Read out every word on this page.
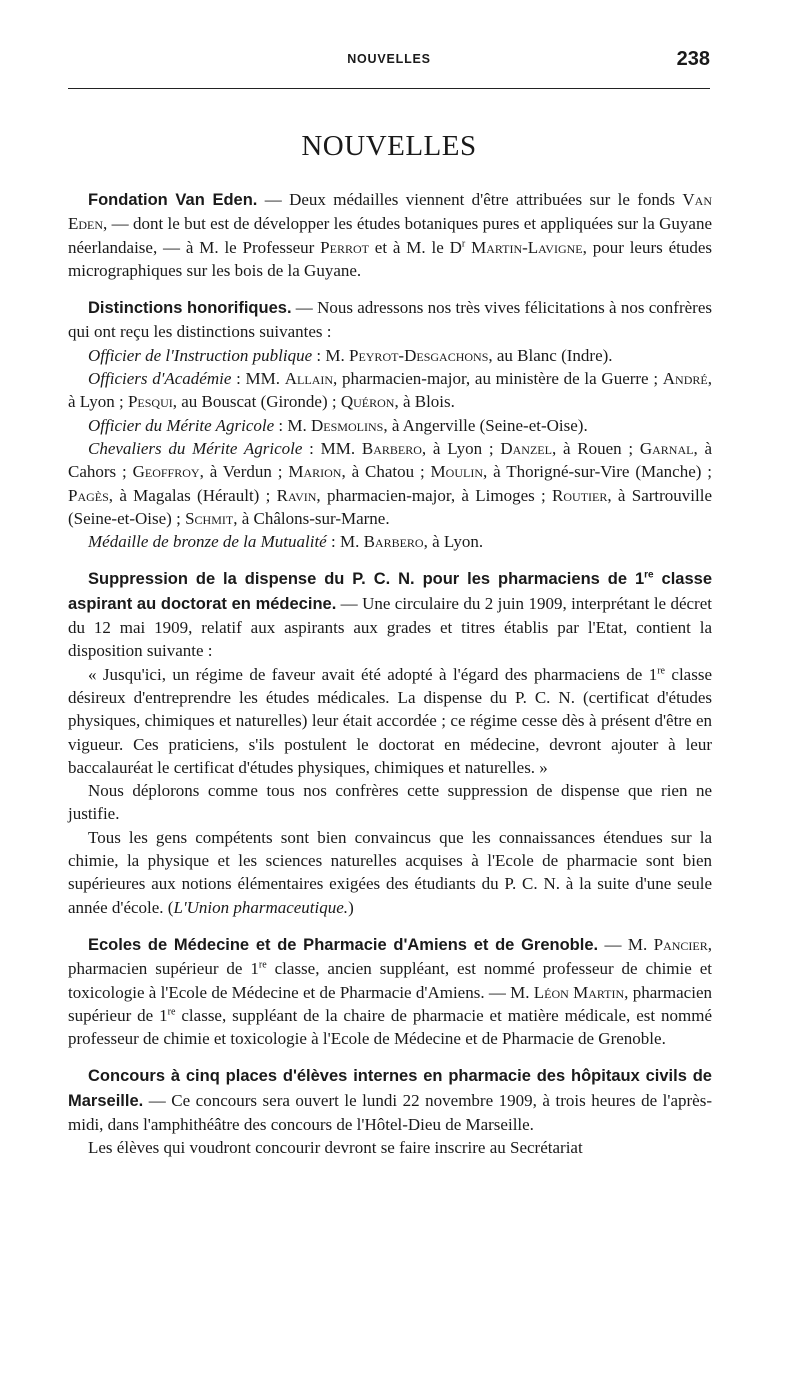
NOUVELLES	238
NOUVELLES

Fondation Van Eden. — Deux médailles viennent d'être attribuées sur le fonds Van Eden, — dont le but est de développer les études botaniques pures et appliquées sur la Guyane néerlandaise, — à M. le Professeur Perrot et à M. le $D^r$ Martin-Lavigne, pour leurs études micrographiques sur les bois de la Guyane.

Distinctions honorifiques. — Nous adressons nos très vives félicitations à nos confrères qui ont reçu les distinctions suivantes :

Officier de l'Instruction publique : M. Peyrot-Desgachons, au Blanc (Indre).

Officiers d'Académie : MM. Allain, pharmacien-major, au ministère de la Guerre ; André, à Lyon ; Pesqui, au Bouscat (Gironde) ; Quéron, à Blois.

Officier du Mérite Agricole : M. Desmolins, à Angerville (Seine-et-Oise).

Chevaliers du Mérite Agricole : MM. Barbero, à Lyon ; Danzel, à Rouen ; Garnal, à Cahors ; Geoffroy, à Verdun ; Marion, à Chatou ; Moulin, à Thorigné-sur-Vire (Manche) ; Pagès, à Magalas (Hérault) ; Ravin, pharmacien-major, à Limoges ; Routier, à Sartrouville (Seine-et-Oise) ; Schmit, à Châlons-sur-Marne.

Médaille de bronze de la Mutualité : M. Barbero, à Lyon.

Suppression de la dispense du P. C. N. pour les pharmaciens de 1re classe aspirant au doctorat en médecine. — Une circulaire du 2 juin 1909, interprétant le décret du 12 mai 1909, relatif aux aspirants aux grades et titres établis par l'Etat, contient la disposition suivante :

« Jusqu'ici, un régime de faveur avait été adopté à l'égard des pharmaciens de 1re classe désireux d'entreprendre les études médicales. La dispense du P. C. N. (certificat d'études physiques, chimiques et naturelles) leur était accordée ; ce régime cesse dès à présent d'être en vigueur. Ces praticiens, s'ils postulent le doctorat en médecine, devront ajouter à leur baccalauréat le certificat d'études physiques, chimiques et naturelles. »

Nous déplorons comme tous nos confrères cette suppression de dispense que rien ne justifie.

Tous les gens compétents sont bien convaincus que les connaissances étendues sur la chimie, la physique et les sciences naturelles acquises à l'Ecole de pharmacie sont bien supérieures aux notions élémentaires exigées des étudiants du P. C. N. à la suite d'une seule année d'école. (L'Union pharmaceutique.)

Ecoles de Médecine et de Pharmacie d'Amiens et de Grenoble. — M. Pancier, pharmacien supérieur de 1re classe, ancien suppléant, est nommé professeur de chimie et toxicologie à l'Ecole de Médecine et de Pharmacie d'Amiens. — M. Léon Martin, pharmacien supérieur de 1re classe, suppléant de la chaire de pharmacie et matière médicale, est nommé professeur de chimie et toxicologie à l'Ecole de Médecine et de Pharmacie de Grenoble.

Concours à cinq places d'élèves internes en pharmacie des hôpitaux civils de Marseille. — Ce concours sera ouvert le lundi 22 novembre 1909, à trois heures de l'après-midi, dans l'amphithéâtre des concours de l'Hôtel-Dieu de Marseille.

Les élèves qui voudront concourir devront se faire inscrire au Secrétariat
